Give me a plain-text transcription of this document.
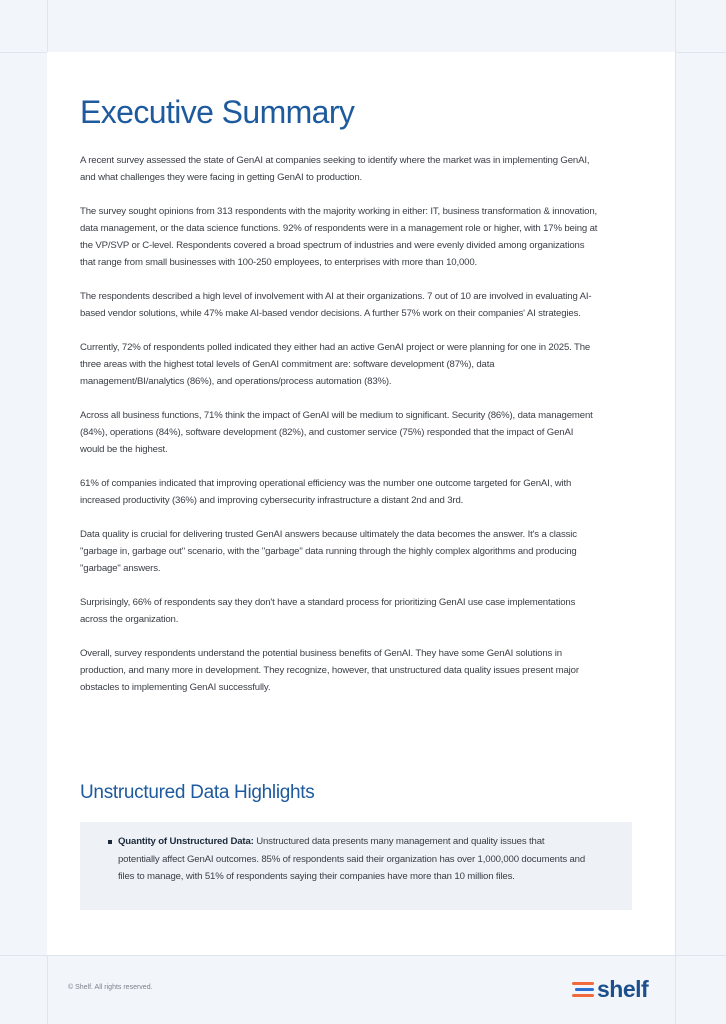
Executive Summary

A recent survey assessed the state of GenAI at companies seeking to identify where the market was in implementing GenAI, and what challenges they were facing in getting GenAI to production.

The survey sought opinions from 313 respondents with the majority working in either: IT, business transformation & innovation, data management, or the data science functions. 92% of respondents were in a management role or higher, with 17% being at the VP/SVP or C-level. Respondents covered a broad spectrum of industries and were evenly divided among organizations that range from small businesses with 100-250 employees, to enterprises with more than 10,000.

The respondents described a high level of involvement with AI at their organizations. 7 out of 10 are involved in evaluating AI-based vendor solutions, while 47% make AI-based vendor decisions. A further 57% work on their companies' AI strategies.

Currently, 72% of respondents polled indicated they either had an active GenAI project or were planning for one in 2025. The three areas with the highest total levels of GenAI commitment are: software development (87%), data management/BI/analytics (86%), and operations/process automation (83%).

Across all business functions, 71% think the impact of GenAI will be medium to significant. Security (86%), data management (84%), operations (84%), software development (82%), and customer service (75%) responded that the impact of GenAI would be the highest.

61% of companies indicated that improving operational efficiency was the number one outcome targeted for GenAI, with increased productivity (36%) and improving cybersecurity infrastructure a distant 2nd and 3rd.

Data quality is crucial for delivering trusted GenAI answers because ultimately the data becomes the answer. It's a classic "garbage in, garbage out" scenario, with the "garbage" data running through the highly complex algorithms and producing "garbage" answers.

Surprisingly, 66% of respondents say they don't have a standard process for prioritizing GenAI use case implementations across the organization.

Overall, survey respondents understand the potential business benefits of GenAI. They have some GenAI solutions in production, and many more in development. They recognize, however, that unstructured data quality issues present major obstacles to implementing GenAI successfully.

Unstructured Data Highlights
Quantity of Unstructured Data: Unstructured data presents many management and quality issues that potentially affect GenAI outcomes. 85% of respondents said their organization has over 1,000,000 documents and files to manage, with 51% of respondents saying their companies have more than 10 million files.
© Shelf. All rights reserved.	shelf
